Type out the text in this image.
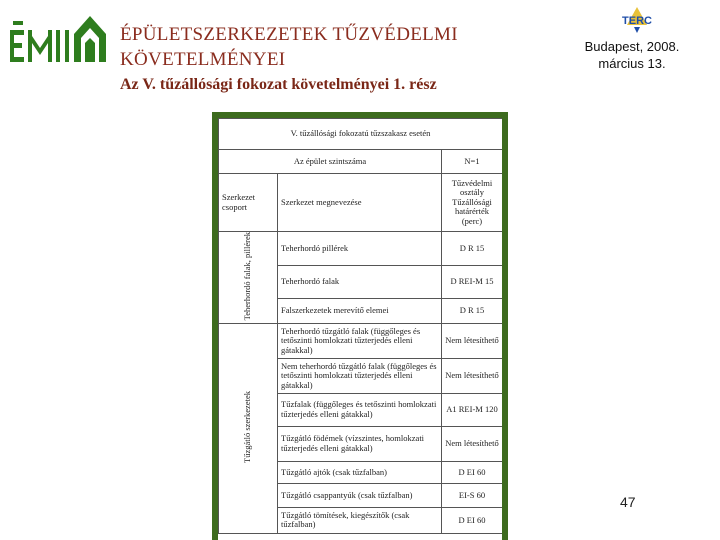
ÉPÜLETSZERKEZETEK TŰZVÉDELMI
KÖVETELMÉNYEI
Az V. tűzállósági fokozat követelményei 1. rész
TERC
Budapest, 2008.
március 13.
V. tűzállósági fokozatú tűzszakasz esetén		
Az épület szintszáma		N=1
Szerkezet csoport	Szerkezet megnevezése	Tűzvédelmi osztály Tűzállósági határérték (perc)
Teherhordó falak, pillérek	Teherhordó pillérek	D R 15
	Teherhordó falak	D REI-M 15
	Falszerkezetek merevítő elemei	D R 15
Tűzgátló szerkezetek	Teherhordó tűzgátló falak (függőleges és tetőszinti homlokzati tűzterjedés elleni gátakkal)	Nem létesíthető
	Nem teherhordó tűzgátló falak (függőleges és tetőszinti homlokzati tűzterjedés elleni gátakkal)	Nem létesíthető
	Tűzfalak (függőleges és tetőszinti homlokzati tűzterjedés elleni gátakkal)	A1 REI-M 120
	Tűzgátló födémek (vízszintes, homlokzati tűzterjedés elleni gátakkal)	Nem létesíthető
	Tűzgátló ajtók (csak tűzfalban)	D EI 60
	Tűzgátló csappantyúk (csak tűzfalban)	EI-S 60
	Tűzgátló tömítések, kiegészítők (csak tűzfalban)	D EI 60
47
